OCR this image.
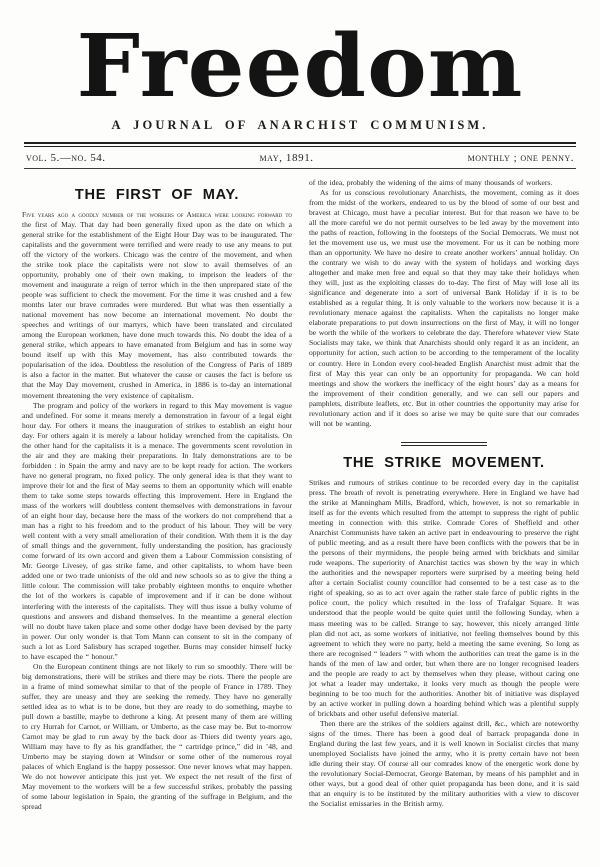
Freedom
A JOURNAL OF ANARCHIST COMMUNISM.
vol. 5.—no. 54.	may, 1891.	monthly ; one penny.
THE FIRST OF MAY.

Five years ago a goodly number of the workers of America were looking forward to the first of May. That day had been generally fixed upon as the date on which a general strike for the establishment of the Eight Hour Day was to be inaugurated. The capitalists and the government were terrified and were ready to use any means to put off the victory of the workers. Chicago was the centre of the movement, and when the strike took place the capitalists were not slow to avail themselves of an opportunity, probably one of their own making, to imprison the leaders of the movement and inaugurate a reign of terror which in the then unprepared state of the people was sufficient to check the movement. For the time it was crushed and a few months later our brave comrades were murdered. But what was then essentially a national movement has now become an international movement. No doubt the speeches and writings of our martyrs, which have been translated and circulated among the European workmen, have done much towards this. No doubt the idea of a general strike, which appears to have emanated from Belgium and has in some way bound itself up with this May movement, has also contributed towards the popularisation of the idea. Doubtless the resolution of the Congress of Paris of 1889 is also a factor in the matter. But whatever the cause or causes the fact is before us that the May Day movement, crushed in America, in 1886 is to-day an international movement threatening the very existence of capitalism.

The program and policy of the workers in regard to this May movement is vague and undefined. For some it means merely a demonstration in favour of a legal eight hour day. For others it means the inauguration of strikes to establish an eight hour day. For others again it is merely a labour holiday wrenched from the capitalists. On the other hand for the capitalists it is a menace. The governments scent revolution in the air and they are making their preparations. In Italy demonstrations are to be forbidden : in Spain the army and navy are to be kept ready for action. The workers have no general program, no fixed policy. The only general idea is that they want to improve their lot and the first of May seems to them an opportunity which will enable them to take some steps towards effecting this improvement. Here in England the mass of the workers will doubtless content themselves with demonstrations in favour of an eight hour day, because here the mass of the workers do not comprehend that a man has a right to his freedom and to the product of his labour. They will be very well content with a very small amelioration of their condition. With them it is the day of small things and the government, fully understanding the position, has graciously come forward of its own accord and given them a Labour Commission consisting of Mr. George Livesey, of gas strike fame, and other capitalists, to whom have been added one or two trade unionists of the old and new schools so as to give the thing a little colour. The commission will take probably eighteen months to enquire whether the lot of the workers is capable of improvement and if it can be done without interfering with the interests of the capitalists. They will thus issue a bulky volume of questions and answers and disband themselves. In the meantime a general election will no doubt have taken place and some other dodge have been devised by the party in power. Our only wonder is that Tom Mann can consent to sit in the company of such a lot as Lord Salisbury has scraped together. Burns may consider himself lucky to have escaped the “ honour.”

On the European continent things are not likely to run so smoothly. There will be big demonstrations, there will be strikes and there may be riots. There the people are in a frame of mind somewhat similar to that of the people of France in 1789. They suffer, they are uneasy and they are seeking the remedy. They have no generally settled idea as to what is to be done, but they are ready to do something, maybe to pull down a bastille, maybe to dethrone a king. At present many of them are willing to cry Hurrah for Carnot, or William, or Umberto, as the case may be. But to-morrow Carnot may be glad to run away by the back door as Thiers did twenty years ago, William may have to fly as his grandfather, the “ cartridge prince,” did in ’48, and Umberto may be staying down at Windsor or some other of the numerous royal palaces of which England is the happy possessor. One never knows what may happen. We do not however anticipate this just yet. We expect the net result of the first of May movement to the workers will be a few successful strikes, probably the passing of some labour legislation in Spain, the granting of the suffrage in Belgium, and the spread

of the idea, probably the widening of the aims of many thousands of workers.

As for us conscious revolutionary Anarchists, the movement, coming as it does from the midst of the workers, endeared to us by the blood of some of our best and bravest at Chicago, must have a peculiar interest. But for that reason we have to be all the more careful we do not permit ourselves to be led away by the movement into the paths of reaction, following in the footsteps of the Social Democrats. We must not let the movement use us, we must use the movement. For us it can be nothing more than an opportunity. We have no desire to create another workers’ annual holiday. On the contrary we wish to do away with the system of holidays and working days altogether and make men free and equal so that they may take their holidays when they will, just as the exploiting classes do to-day. The first of May will lose all its significance and degenerate into a sort of universal Bank Holiday if it is to be established as a regular thing. It is only valuable to the workers now because it is a revolutionary menace against the capitalists. When the capitalists no longer make elaborate preparations to put down insurrections on the first of May, it will no longer be worth the while of the workers to celebrate the day. Therefore whatever view State Socialists may take, we think that Anarchists should only regard it as an incident, an opportunity for action, such action to be according to the temperament of the locality or country. Here in London every cool-headed English Anarchist must admit that the first of May this year can only be an opportunity for propaganda. We can hold meetings and show the workers the inefficacy of the eight hours’ day as a means for the improvement of their condition generally, and we can sell our papers and pamphlets, distribute leaflets, etc. But in other countries the opportunity may arise for revolutionary action and if it does so arise we may be quite sure that our comrades will not be wanting.

THE STRIKE MOVEMENT.

Strikes and rumours of strikes continue to be recorded every day in the capitalist press. The breath of revolt is penetrating everywhere. Here in England we have had the strike at Manningham Mills, Bradford, which, however, is not so remarkable in itself as for the events which resulted from the attempt to suppress the right of public meeting in connection with this strike. Comrade Cores of Sheffield and other Anarchist Communists have taken an active part in endeavouring to preserve the right of public meeting, and as a result there have been conflicts with the powers that be in the persons of their myrmidons, the people being armed with brickbats and similar rude weapons. The superiority of Anarchist tactics was shown by the way in which the authorities and the newspaper reporters were surprised by a meeting being held after a certain Socialist county councillor had consented to be a test case as to the right of speaking, so as to act over again the rather stale farce of public rights in the police court, the policy which resulted in the loss of Trafalgar Square. It was understood that the people would be quite quiet until the following Sunday, when a mass meeting was to be called. Strange to say, however, this nicely arranged little plan did not act, as some workers of initiative, not feeling themselves bound by this agreement to which they were no party, held a meeting the same evening. So long as there are recognised “ leaders ” with whom the authorities can treat the game is in the hands of the men of law and order, but when there are no longer recognised leaders and the people are ready to act by themselves when they please, without caring one jot what a leader may undertake, it looks very much as though the people were beginning to be too much for the authorities. Another bit of initiative was displayed by an active worker in pulling down a hoarding behind which was a plentiful supply of brickbats and other useful defensive material.

Then there are the strikes of the soldiers against drill, &c., which are noteworthy signs of the times. There has been a good deal of barrack propaganda done in England during the last few years, and it is well known in Socialist circles that many unemployed Socialists have joined the army, who it is pretty certain have not been idle during their stay. Of course all our comrades know of the energetic work done by the revolutionary Social-Democrat, George Bateman, by means of his pamphlet and in other ways, but a good deal of other quiet propaganda has been done, and it is said that an enquiry is to be instituted by the military authorities with a view to discover the Socialist emissaries in the British army.
